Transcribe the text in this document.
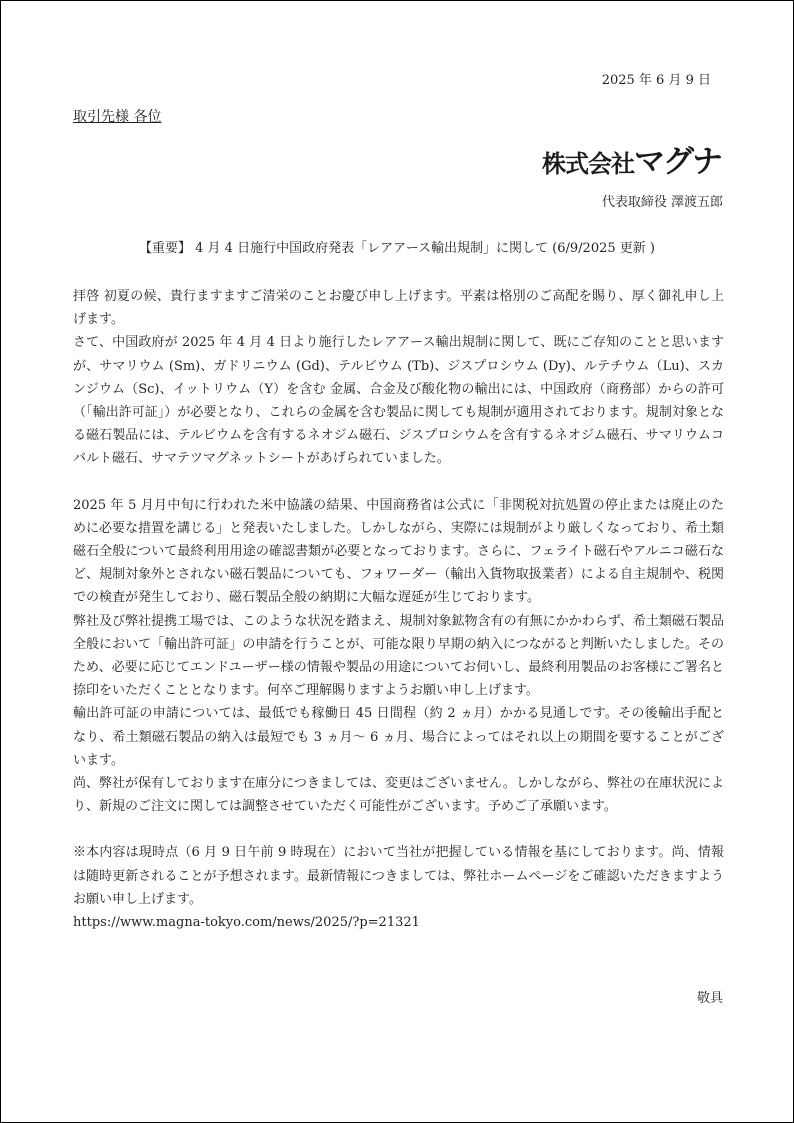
2025 年 6 月 9 日
取引先様 各位
株式会社マグナ
代表取締役 澤渡五郎
【重要】 4 月 4 日施行中国政府発表「レアアース輸出規制」に関して (6/9/2025 更新 )

拝啓 初夏の候、貴行ますますご清栄のことお慶び申し上げます。平素は格別のご高配を賜り、厚く御礼申し上げます。

さて、中国政府が 2025 年 4 月 4 日より施行したレアアース輸出規制に関して、既にご存知のことと思いますが、サマリウム (Sm)、ガドリニウム (Gd)、テルビウム (Tb)、ジスプロシウム (Dy)、ルテチウム（Lu)、スカンジウム（Sc)、イットリウム（Y）を含む 金属、合金及び酸化物の輸出には、中国政府（商務部）からの許可（「輸出許可証」）が必要となり、これらの金属を含む製品に関しても規制が適用されております。規制対象となる磁石製品には、テルビウムを含有するネオジム磁石、ジスプロシウムを含有するネオジム磁石、サマリウムコバルト磁石、サマテツマグネットシートがあげられていました。

2025 年 5 月月中旬に行われた米中協議の結果、中国商務省は公式に「非関税対抗処置の停止または廃止のために必要な措置を講じる」と発表いたしました。しかしながら、実際には規制がより厳しくなっており、希土類磁石全般について最終利用用途の確認書類が必要となっております。さらに、フェライト磁石やアルニコ磁石など、規制対象外とされない磁石製品についても、フォワーダー（輸出入貨物取扱業者）による自主規制や、税関での検査が発生しており、磁石製品全般の納期に大幅な遅延が生じております。

弊社及び弊社提携工場では、このような状況を踏まえ、規制対象鉱物含有の有無にかかわらず、希土類磁石製品全般において「輸出許可証」の申請を行うことが、可能な限り早期の納入につながると判断いたしました。そのため、必要に応じてエンドユーザー様の情報や製品の用途についてお伺いし、最終利用製品のお客様にご署名と捺印をいただくこととなります。何卒ご理解賜りますようお願い申し上げます。

輸出許可証の申請については、最低でも稼働日 45 日間程（約 2 ヵ月）かかる見通しです。その後輸出手配となり、希土類磁石製品の納入は最短でも 3 ヵ月〜 6 ヵ月、場合によってはそれ以上の期間を要することがございます。

尚、弊社が保有しております在庫分につきましては、変更はございません。しかしながら、弊社の在庫状況により、新規のご注文に関しては調整させていただく可能性がございます。予めご了承願います。

※本内容は現時点（6 月 9 日午前 9 時現在）において当社が把握している情報を基にしております。尚、情報は随時更新されることが予想されます。最新情報につきましては、弊社ホームページをご確認いただきますようお願い申し上げます。

https://www.magna-tokyo.com/news/2025/?p=21321

敬具
